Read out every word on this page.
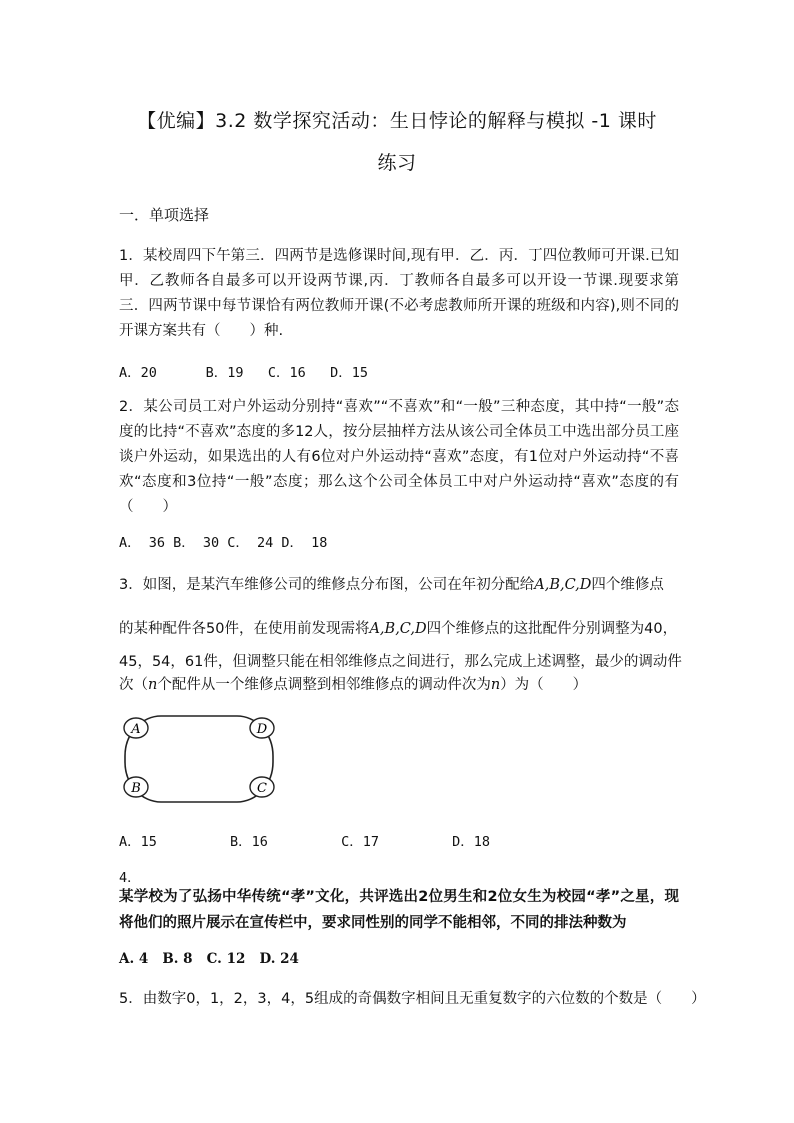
【优编】3.2 数学探究活动：生日悖论的解释与模拟 -1 课时
练习
一．单项选择
1．某校周四下午第三．四两节是选修课时间,现有甲．乙．丙．丁四位教师可开课.已知甲．乙教师各自最多可以开设两节课,丙．丁教师各自最多可以开设一节课.现要求第三．四两节课中每节课恰有两位教师开课(不必考虑教师所开课的班级和内容),则不同的开课方案共有（　　）种.
A．20      B．19   C．16   D．15
2．某公司员工对户外运动分别持“喜欢”“不喜欢”和“一般”三种态度，其中持“一般”态度的比持“不喜欢”态度的多12人，按分层抽样方法从该公司全体员工中选出部分员工座谈户外运动，如果选出的人有6位对户外运动持“喜欢”态度，有1位对户外运动持“不喜欢“态度和3位持“一般”态度；那么这个公司全体员工中对户外运动持“喜欢”态度的有（　　）
A． 36 B． 30 C． 24 D． 18
3．如图，是某汽车维修公司的维修点分布图，公司在年初分配给A,B,C,D四个维修点
的某种配件各50件，在使用前发现需将A,B,C,D四个维修点的这批配件分别调整为40，
45，54，61件，但调整只能在相邻维修点之间进行，那么完成上述调整，最少的调动件
次（n个配件从一个维修点调整到相邻维修点的调动件次为n）为（　　）
A	D
B	C
A．15         B．16         C．17         D．18
4．
某学校为了弘扬中华传统“孝”文化，共评选出2位男生和2位女生为校园“孝”之星，现将他们的照片展示在宣传栏中，要求同性别的同学不能相邻，不同的排法种数为
A. 4   B. 8   C. 12   D. 24
5．由数字0，1，2，3，4，5组成的奇偶数字相间且无重复数字的六位数的个数是（　　）
